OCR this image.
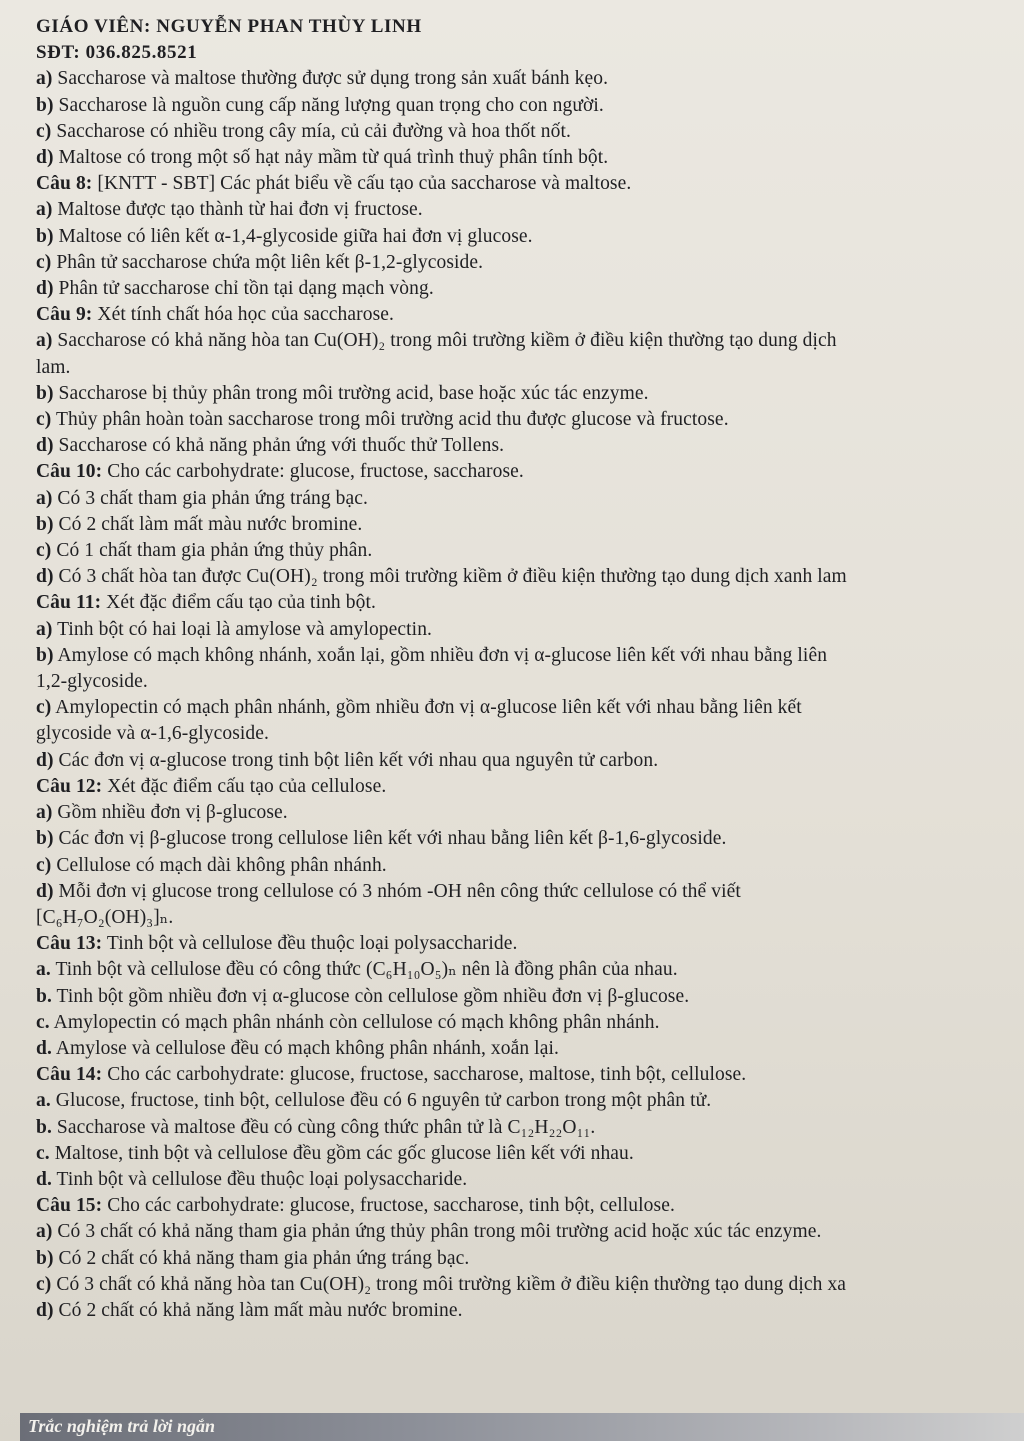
GIÁO VIÊN: NGUYỄN PHAN THÙY LINH
SĐT: 036.825.8521
a) Saccharose và maltose thường được sử dụng trong sản xuất bánh kẹo.
b) Saccharose là nguồn cung cấp năng lượng quan trọng cho con người.
c) Saccharose có nhiều trong cây mía, củ cải đường và hoa thốt nốt.
d) Maltose có trong một số hạt nảy mầm từ quá trình thuỷ phân tính bột.
Câu 8: [KNTT - SBT] Các phát biểu về cấu tạo của saccharose và maltose.
a) Maltose được tạo thành từ hai đơn vị fructose.
b) Maltose có liên kết α-1,4-glycoside giữa hai đơn vị glucose.
c) Phân tử saccharose chứa một liên kết β-1,2-glycoside.
d) Phân tử saccharose chỉ tồn tại dạng mạch vòng.
Câu 9: Xét tính chất hóa học của saccharose.
a) Saccharose có khả năng hòa tan Cu(OH)₂ trong môi trường kiềm ở điều kiện thường tạo dung dịch
lam.
b) Saccharose bị thủy phân trong môi trường acid, base hoặc xúc tác enzyme.
c) Thủy phân hoàn toàn saccharose trong môi trường acid thu được glucose và fructose.
d) Saccharose có khả năng phản ứng với thuốc thử Tollens.
Câu 10: Cho các carbohydrate: glucose, fructose, saccharose.
a) Có 3 chất tham gia phản ứng tráng bạc.
b) Có 2 chất làm mất màu nước bromine.
c) Có 1 chất tham gia phản ứng thủy phân.
d) Có 3 chất hòa tan được Cu(OH)₂ trong môi trường kiềm ở điều kiện thường tạo dung dịch xanh lam
Câu 11: Xét đặc điểm cấu tạo của tinh bột.
a) Tinh bột có hai loại là amylose và amylopectin.
b) Amylose có mạch không nhánh, xoắn lại, gồm nhiều đơn vị α-glucose liên kết với nhau bằng liên
1,2-glycoside.
c) Amylopectin có mạch phân nhánh, gồm nhiều đơn vị α-glucose liên kết với nhau bằng liên kết
glycoside và α-1,6-glycoside.
d) Các đơn vị α-glucose trong tinh bột liên kết với nhau qua nguyên tử carbon.
Câu 12: Xét đặc điểm cấu tạo của cellulose.
a) Gồm nhiều đơn vị β-glucose.
b) Các đơn vị β-glucose trong cellulose liên kết với nhau bằng liên kết β-1,6-glycoside.
c) Cellulose có mạch dài không phân nhánh.
d) Mỗi đơn vị glucose trong cellulose có 3 nhóm -OH nên công thức cellulose có thể viết
[C₆H₇O₂(OH)₃]ₙ.
Câu 13: Tinh bột và cellulose đều thuộc loại polysaccharide.
a. Tinh bột và cellulose đều có công thức (C₆H₁₀O₅)ₙ nên là đồng phân của nhau.
b. Tinh bột gồm nhiều đơn vị α-glucose còn cellulose gồm nhiều đơn vị β-glucose.
c. Amylopectin có mạch phân nhánh còn cellulose có mạch không phân nhánh.
d. Amylose và cellulose đều có mạch không phân nhánh, xoắn lại.
Câu 14: Cho các carbohydrate: glucose, fructose, saccharose, maltose, tinh bột, cellulose.
a. Glucose, fructose, tinh bột, cellulose đều có 6 nguyên tử carbon trong một phân tử.
b. Saccharose và maltose đều có cùng công thức phân tử là C₁₂H₂₂O₁₁.
c. Maltose, tinh bột và cellulose đều gồm các gốc glucose liên kết với nhau.
d. Tinh bột và cellulose đều thuộc loại polysaccharide.
Câu 15: Cho các carbohydrate: glucose, fructose, saccharose, tinh bột, cellulose.
a) Có 3 chất có khả năng tham gia phản ứng thủy phân trong môi trường acid hoặc xúc tác enzyme.
b) Có 2 chất có khả năng tham gia phản ứng tráng bạc.
c) Có 3 chất có khả năng hòa tan Cu(OH)₂ trong môi trường kiềm ở điều kiện thường tạo dung dịch xa
d) Có 2 chất có khả năng làm mất màu nước bromine.
Trắc nghiệm trả lời ngắn
